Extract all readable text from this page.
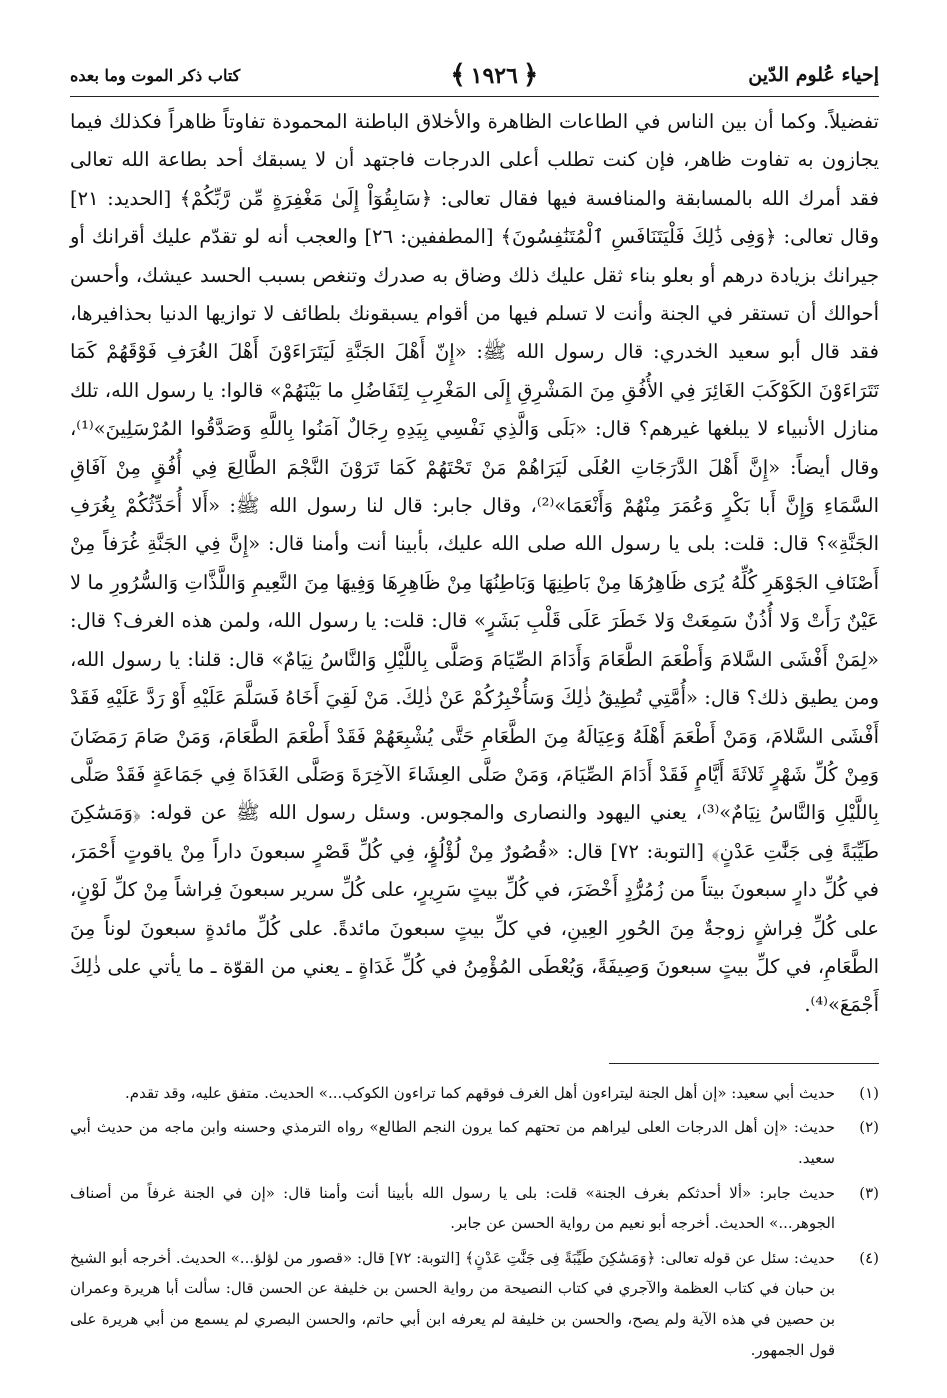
إحياء عُلوم الدّين
﴿ ١٩٢٦ ﴾
كتاب ذكر الموت وما بعده

تفضيلاً. وكما أن بين الناس في الطاعات الظاهرة والأخلاق الباطنة المحمودة تفاوتاً ظاهراً فكذلك فيما يجازون به تفاوت ظاهر، فإن كنت تطلب أعلى الدرجات فاجتهد أن لا يسبقك أحد بطاعة الله تعالى فقد أمرك الله بالمسابقة والمنافسة فيها فقال تعالى: ﴿سَابِقُوٓاْ إِلَىٰ مَغْفِرَةٍ مِّن رَّبِّكُمْ﴾ [الحديد: ٢١] وقال تعالى: ﴿وَفِى ذَٰلِكَ فَلْيَتَنَافَسِ ٱلْمُتَنَٰفِسُونَ﴾ [المطففين: ٢٦] والعجب أنه لو تقدّم عليك أقرانك أو جيرانك بزيادة درهم أو بعلو بناء ثقل عليك ذلك وضاق به صدرك وتنغص بسبب الحسد عيشك، وأحسن أحوالك أن تستقر في الجنة وأنت لا تسلم فيها من أقوام يسبقونك بلطائف لا توازيها الدنيا بحذافيرها، فقد قال أبو سعيد الخدري: قال رسول الله ﷺ: «إِنّ أَهْلَ الجَنَّةِ لَيَتَرَاءَوْنَ أَهْلَ الغُرَفِ فَوْقَهُمْ كَمَا تَتَرَاءَوْنَ الكَوْكَبَ الغَائِرَ فِي الأُفُقِ مِنَ المَشْرِقِ إِلَى المَغْرِبِ لِتَفَاضُلِ ما بَيْنَهُمْ» قالوا: يا رسول الله، تلك منازل الأنبياء لا يبلغها غيرهم؟ قال: «بَلَى وَالَّذِي نَفْسِي بِيَدِهِ رِجَالٌ آمَنُوا بِاللَّهِ وَصَدَّقُوا المُرْسَلِينَ»⁽¹⁾، وقال أيضاً: «إِنَّ أَهْلَ الدَّرَجَاتِ العُلَى لَيَرَاهُمْ مَنْ تَحْتَهُمْ كَمَا تَرَوْنَ النَّجْمَ الطَّالِعَ فِي أُفُقٍ مِنْ آفَاقِ السَّمَاءِ وَإِنَّ أَبا بَكْرٍ وَعُمَرَ مِنْهُمْ وَأَنْعَمَا»⁽²⁾، وقال جابر: قال لنا رسول الله ﷺ: «أَلا أُحَدِّثُكُمْ بِغُرَفِ الجَنَّةِ»؟ قال: قلت: بلى يا رسول الله صلى الله عليك، بأبينا أنت وأمنا قال: «إِنَّ فِي الجَنَّةِ غُرَفاً مِنْ أَصْنَافِ الجَوْهَرِ كُلِّهُ يُرَى ظَاهِرُهَا مِنْ بَاطِنِهَا وَبَاطِنُهَا مِنْ ظَاهِرِهَا وَفِيهَا مِنَ النَّعِيمِ وَاللَّذَّاتِ وَالسُّرُورِ ما لا عَيْنٌ رَأَتْ وَلا أُذُنٌ سَمِعَتْ وَلا خَطَرَ عَلَى قَلْبِ بَشَرٍ» قال: قلت: يا رسول الله، ولمن هذه الغرف؟ قال: «لِمَنْ أَفْشَى السَّلامَ وَأَطْعَمَ الطَّعَامَ وَأَدَامَ الصِّيَامَ وَصَلَّى بِاللَّيْلِ وَالنَّاسُ نِيَامٌ» قال: قلنا: يا رسول الله، ومن يطيق ذلك؟ قال: «أُمَّتِي تُطِيقُ ذٰلِكَ وَسَأُخْبِرُكُمْ عَنْ ذٰلِكَ. مَنْ لَقِيَ أَخَاهُ فَسَلَّمَ عَلَيْهِ أَوْ رَدَّ عَلَيْهِ فَقَدْ أَفْشَى السَّلامَ، وَمَنْ أَطْعَمَ أَهْلَهُ وَعِيَالَهُ مِنَ الطَّعَامِ حَتَّى يُشْبِعَهُمْ فَقَدْ أَطْعَمَ الطَّعَامَ، وَمَنْ صَامَ رَمَضَانَ وَمِنْ كُلِّ شَهْرٍ ثَلاثَةَ أَيَّامٍ فَقَدْ أَدَامَ الصِّيَامَ، وَمَنْ صَلَّى العِشَاءَ الآخِرَةَ وَصَلَّى الغَدَاةَ فِي جَمَاعَةٍ فَقَدْ صَلَّى بِاللَّيْلِ وَالنَّاسُ نِيَامٌ»⁽³⁾، يعني اليهود والنصارى والمجوس. وسئل رسول الله ﷺ عن قوله: ﴿وَمَسَٰكِنَ طَيِّبَةً فِى جَنَّٰتِ عَدْنٍ﴾ [التوبة: ٧٢] قال: «قُصُورٌ مِنْ لُؤْلُؤٍ، فِي كُلِّ قَصْرٍ سبعونَ داراً مِنْ ياقوتٍ أَحْمَرَ، في كُلِّ دارٍ سبعونَ بيتاً من زُمُرُّدٍ أَخْضَرَ، في كُلِّ بيتٍ سَرِيرٍ، على كُلِّ سرير سبعونَ فِراشاً مِنْ كلِّ لَوْنٍ، على كُلِّ فِراشٍ زوجةٌ مِنَ الحُورِ العِينِ، في كلِّ بيتٍ سبعونَ مائدةً. على كُلِّ مائدةٍ سبعونَ لوناً مِنَ الطَّعَامِ، في كلِّ بيتٍ سبعونَ وَصِيفَةً، وَيُعْطَى المُؤْمِنُ في كُلِّ غَدَاةٍ ـ يعني من القوّة ـ ما يأتي على ذٰلِكَ أَجْمَعَ»⁽⁴⁾.

(١)
حديث أبي سعيد: «إن أهل الجنة ليتراءون أهل الغرف فوقهم كما تراءون الكوكب...» الحديث. متفق عليه، وقد تقدم.
(٢)
حديث: «إن أهل الدرجات العلى ليراهم من تحتهم كما يرون النجم الطالع» رواه الترمذي وحسنه وابن ماجه من حديث أبي سعيد.
(٣)
حديث جابر: «ألا أحدثكم بغرف الجنة» قلت: بلى يا رسول الله بأبينا أنت وأمنا قال: «إن في الجنة غرفاً من أصناف الجوهر...» الحديث. أخرجه أبو نعيم من رواية الحسن عن جابر.
(٤)
حديث: سئل عن قوله تعالى: ﴿وَمَسَٰكِنَ طَيِّبَةً فِى جَنَّٰتِ عَدْنٍ﴾ [التوبة: ٧٢] قال: «قصور من لؤلؤ...» الحديث. أخرجه أبو الشيخ بن حبان في كتاب العظمة والآجري في كتاب النصيحة من رواية الحسن بن خليفة عن الحسن قال: سألت أبا هريرة وعمران بن حصين في هذه الآية ولم يصح، والحسن بن خليفة لم يعرفه ابن أبي حاتم، والحسن البصري لم يسمع من أبي هريرة على قول الجمهور.
